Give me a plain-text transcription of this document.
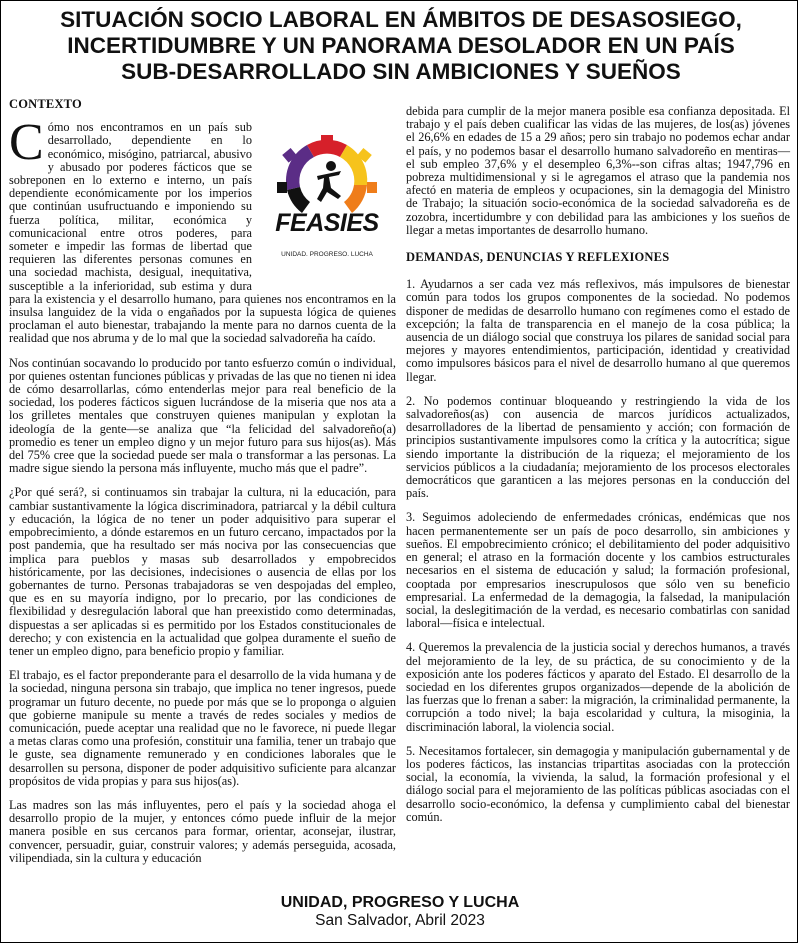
SITUACIÓN SOCIO LABORAL EN ÁMBITOS DE DESASOSIEGO,
INCERTIDUMBRE Y UN PANORAMA DESOLADOR EN UN PAÍS
SUB-DESARROLLADO SIN AMBICIONES Y SUEÑOS
CONTEXTO
FEASIES
UNIDAD. PROGRESO. LUCHA

Cómo nos encontramos en un país sub desarrollado, dependiente en lo económico, misógino, patriarcal, abusivo y abusado por poderes fácticos que se sobreponen en lo externo e interno, un país dependiente económicamente por los imperios que continúan usufructuando e imponiendo su fuerza política, militar, económica y comunicacional entre otros poderes, para someter e impedir las formas de libertad que requieren las diferentes personas comunes en una sociedad machista, desigual, inequitativa, susceptible a la inferioridad, sub estima y dura para la existencia y el desarrollo humano, para quienes nos encontramos en la insulsa languidez de la vida o engañados por la supuesta lógica de quienes proclaman el auto bienestar, trabajando la mente para no darnos cuenta de la realidad que nos abruma y de lo mal que la sociedad salvadoreña ha caído.

Nos continúan socavando lo producido por tanto esfuerzo común o individual, por quienes ostentan funciones públicas y privadas de las que no tienen ni idea de cómo desarrollarlas, cómo entenderlas mejor para real beneficio de la sociedad, los poderes fácticos siguen lucrándose de la miseria que nos ata a los grilletes mentales que construyen quienes manipulan y explotan la ideología de la gente—se analiza que “la felicidad del salvadoreño(a) promedio es tener un empleo digno y un mejor futuro para sus hijos(as). Más del 75% cree que la sociedad puede ser mala o transformar a las personas. La madre sigue siendo la persona más influyente, mucho más que el padre”.

¿Por qué será?, si continuamos sin trabajar la cultura, ni la educación, para cambiar sustantivamente la lógica discriminadora, patriarcal y la débil cultura y educación, la lógica de no tener un poder adquisitivo para superar el empobrecimiento, a dónde estaremos en un futuro cercano, impactados por la post pandemia, que ha resultado ser más nociva por las consecuencias que implica para pueblos y masas sub desarrollados y empobrecidos históricamente, por las decisiones, indecisiones o ausencia de ellas por los gobernantes de turno. Personas trabajadoras se ven despojadas del empleo, que es en su mayoría indigno, por lo precario, por las condiciones de flexibilidad y desregulación laboral que han preexistido como determinadas, dispuestas a ser aplicadas si es permitido por los Estados constitucionales de derecho; y con existencia en la actualidad que golpea duramente el sueño de tener un empleo digno, para beneficio propio y familiar.

El trabajo, es el factor preponderante para el desarrollo de la vida humana y de la sociedad, ninguna persona sin trabajo, que implica no tener ingresos, puede programar un futuro decente, no puede por más que se lo proponga o alguien que gobierne manipule su mente a través de redes sociales y medios de comunicación, puede aceptar una realidad que no le favorece, ni puede llegar a metas claras como una profesión, constituir una familia, tener un trabajo que le guste, sea dignamente remunerado y en condiciones laborales que le desarrollen su persona, disponer de poder adquisitivo suficiente para alcanzar propósitos de vida propias y para sus hijos(as).

Las madres son las más influyentes, pero el país y la sociedad ahoga el desarrollo propio de la mujer, y entonces cómo puede influir de la mejor manera posible en sus cercanos para formar, orientar, aconsejar, ilustrar, convencer, persuadir, guiar, construir valores; y además perseguida, acosada, vilipendiada, sin la cultura y educación

debida para cumplir de la mejor manera posible esa confianza depositada. El trabajo y el país deben cualificar las vidas de las mujeres, de los(as) jóvenes el 26,6% en edades de 15 a 29 años; pero sin trabajo no podemos echar andar el país, y no podemos basar el desarrollo humano salvadoreño en mentiras—el sub empleo 37,6% y el desempleo 6,3%--son cifras altas; 1947,796 en pobreza multidimensional y si le agregamos el atraso que la pandemia nos afectó en materia de empleos y ocupaciones, sin la demagogia del Ministro de Trabajo; la situación socio-económica de la sociedad salvadoreña es de zozobra, incertidumbre y con debilidad para las ambiciones y los sueños de llegar a metas importantes de desarrollo humano.

DEMANDAS, DENUNCIAS Y REFLEXIONES

1. Ayudarnos a ser cada vez más reflexivos, más impulsores de bienestar común para todos los grupos componentes de la sociedad. No podemos disponer de medidas de desarrollo humano con regímenes como el estado de excepción; la falta de transparencia en el manejo de la cosa pública; la ausencia de un diálogo social que construya los pilares de sanidad social para mejores y mayores entendimientos, participación, identidad y creatividad como impulsores básicos para el nivel de desarrollo humano al que queremos llegar.

2. No podemos continuar bloqueando y restringiendo la vida de los salvadoreños(as) con ausencia de marcos jurídicos actualizados, desarrolladores de la libertad de pensamiento y acción; con formación de principios sustantivamente impulsores como la crítica y la autocrítica; sigue siendo importante la distribución de la riqueza; el mejoramiento de los servicios públicos a la ciudadanía; mejoramiento de los procesos electorales democráticos que garanticen a las mejores personas en la conducción del país.

3. Seguimos adoleciendo de enfermedades crónicas, endémicas que nos hacen permanentemente ser un país de poco desarrollo, sin ambiciones y sueños. El empobrecimiento crónico; el debilitamiento del poder adquisitivo en general; el atraso en la formación docente y los cambios estructurales necesarios en el sistema de educación y salud; la formación profesional, cooptada por empresarios inescrupulosos que sólo ven su beneficio empresarial. La enfermedad de la demagogia, la falsedad, la manipulación social, la deslegitimación de la verdad, es necesario combatirlas con sanidad laboral—física e intelectual.

4. Queremos la prevalencia de la justicia social y derechos humanos, a través del mejoramiento de la ley, de su práctica, de su conocimiento y de la exposición ante los poderes fácticos y aparato del Estado. El desarrollo de la sociedad en los diferentes grupos organizados—depende de la abolición de las fuerzas que lo frenan a saber: la migración, la criminalidad permanente, la corrupción a todo nivel; la baja escolaridad y cultura, la misoginia, la discriminación laboral, la violencia social.

5. Necesitamos fortalecer, sin demagogia y manipulación gubernamental y de los poderes fácticos, las instancias tripartitas asociadas con la protección social, la economía, la vivienda, la salud, la formación profesional y el diálogo social para el mejoramiento de las políticas públicas asociadas con el desarrollo socio-económico, la defensa y cumplimiento cabal del bienestar común.

UNIDAD, PROGRESO Y LUCHA
San Salvador, Abril 2023
